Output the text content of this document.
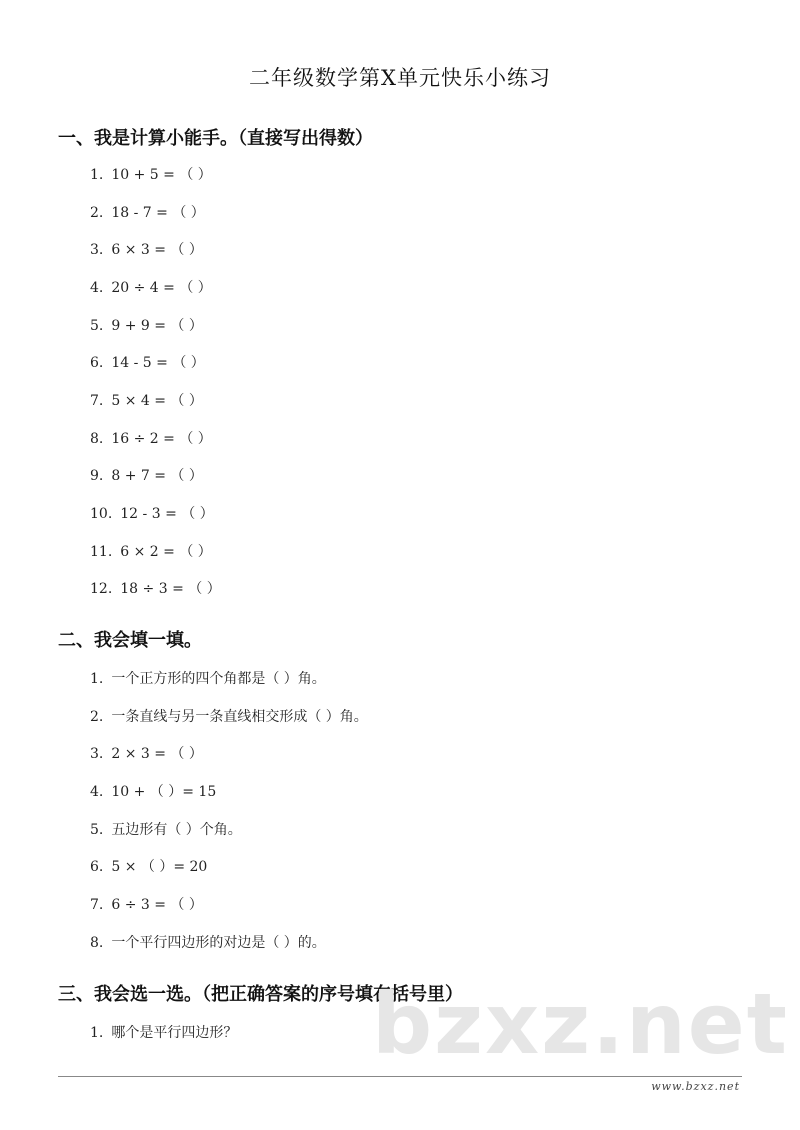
二年级数学第X单元快乐小练习
一、我是计算小能手。（直接写出得数）
1. 10 + 5 = （ ）
2. 18 - 7 = （ ）
3. 6 × 3 = （ ）
4. 20 ÷ 4 = （ ）
5. 9 + 9 = （ ）
6. 14 - 5 = （ ）
7. 5 × 4 = （ ）
8. 16 ÷ 2 = （ ）
9. 8 + 7 = （ ）
10. 12 - 3 = （ ）
11. 6 × 2 = （ ）
12. 18 ÷ 3 = （ ）
二、我会填一填。
1. 一个正方形的四个角都是（ ）角。
2. 一条直线与另一条直线相交形成（ ）角。
3. 2 × 3 = （ ）
4. 10 + （ ）= 15
5. 五边形有（ ）个角。
6. 5 × （ ）= 20
7. 6 ÷ 3 = （ ）
8. 一个平行四边形的对边是（ ）的。
三、我会选一选。（把正确答案的序号填在括号里）
bzxz.net
1. 哪个是平行四边形？
www.bzxz.net
